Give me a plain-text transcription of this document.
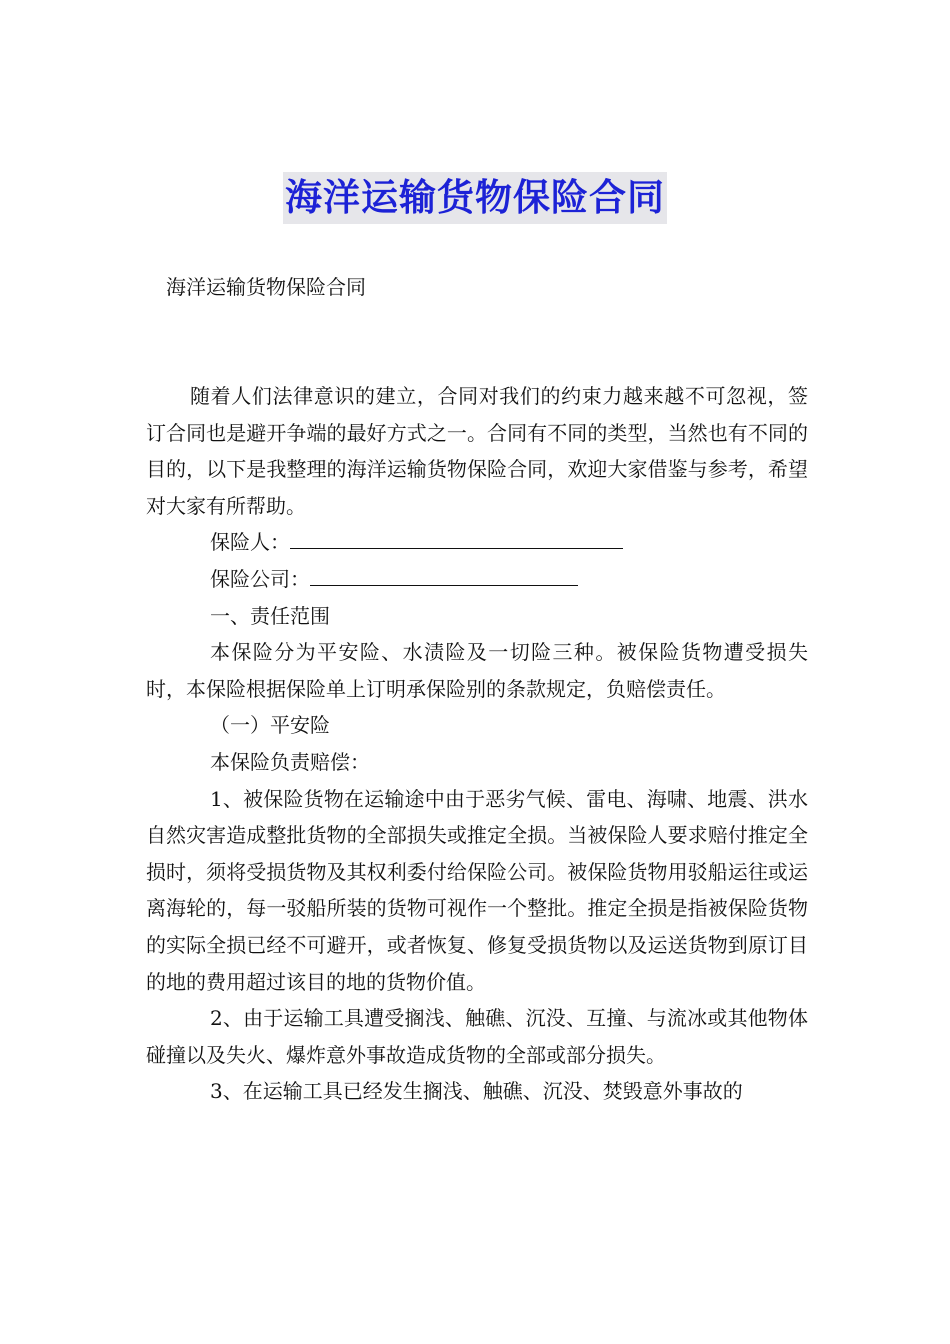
海洋运输货物保险合同
海洋运输货物保险合同

随着人们法律意识的建立，合同对我们的约束力越来越不可忽视，签订合同也是避开争端的最好方式之一。合同有不同的类型，当然也有不同的目的，以下是我整理的海洋运输货物保险合同，欢迎大家借鉴与参考，希望对大家有所帮助。

保险人：

保险公司：

一、责任范围

本保险分为平安险、水渍险及一切险三种。被保险货物遭受损失时，本保险根据保险单上订明承保险别的条款规定，负赔偿责任。

（一）平安险

本保险负责赔偿：

1、被保险货物在运输途中由于恶劣气候、雷电、海啸、地震、洪水自然灾害造成整批货物的全部损失或推定全损。当被保险人要求赔付推定全损时，须将受损货物及其权利委付给保险公司。被保险货物用驳船运往或运离海轮的，每一驳船所装的货物可视作一个整批。推定全损是指被保险货物的实际全损已经不可避开，或者恢复、修复受损货物以及运送货物到原订目的地的费用超过该目的地的货物价值。

2、由于运输工具遭受搁浅、触礁、沉没、互撞、与流冰或其他物体碰撞以及失火、爆炸意外事故造成货物的全部或部分损失。

3、在运输工具已经发生搁浅、触礁、沉没、焚毁意外事故的
